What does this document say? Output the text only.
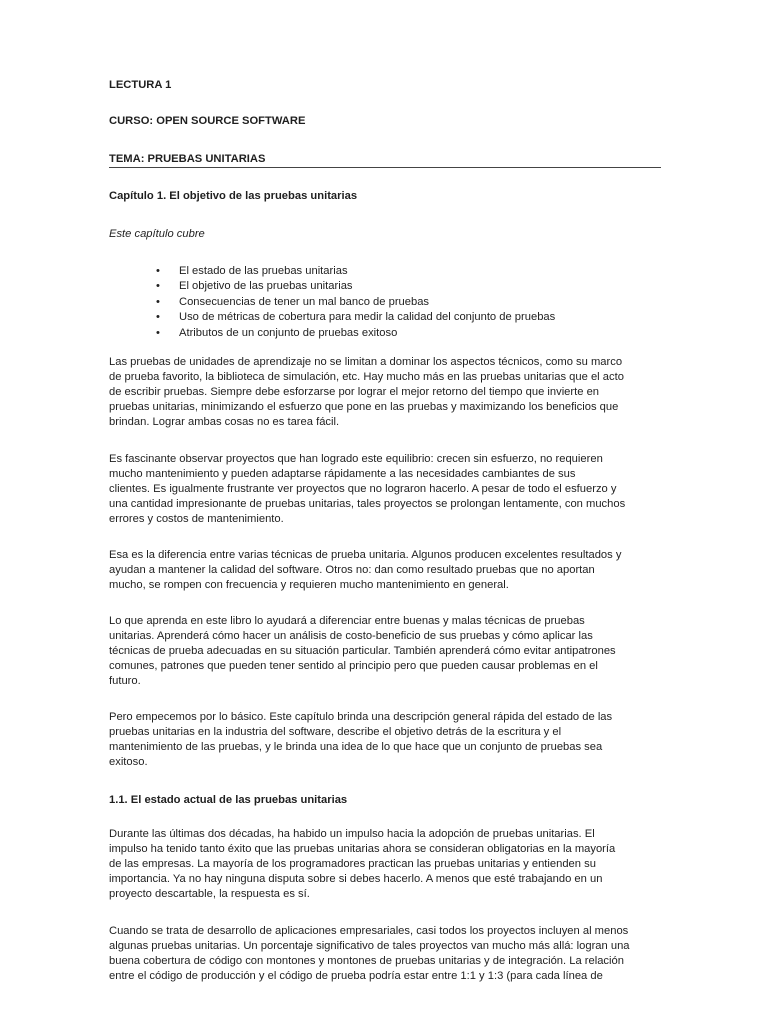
LECTURA 1
CURSO: OPEN SOURCE SOFTWARE
TEMA: PRUEBAS UNITARIAS
Capítulo 1. El objetivo de las pruebas unitarias
Este capítulo cubre
• El estado de las pruebas unitarias
• El objetivo de las pruebas unitarias
• Consecuencias de tener un mal banco de pruebas
• Uso de métricas de cobertura para medir la calidad del conjunto de pruebas
• Atributos de un conjunto de pruebas exitoso
Las pruebas de unidades de aprendizaje no se limitan a dominar los aspectos técnicos, como su marco
de prueba favorito, la biblioteca de simulación, etc. Hay mucho más en las pruebas unitarias que el acto
de escribir pruebas. Siempre debe esforzarse por lograr el mejor retorno del tiempo que invierte en
pruebas unitarias, minimizando el esfuerzo que pone en las pruebas y maximizando los beneficios que
brindan. Lograr ambas cosas no es tarea fácil.
Es fascinante observar proyectos que han logrado este equilibrio: crecen sin esfuerzo, no requieren
mucho mantenimiento y pueden adaptarse rápidamente a las necesidades cambiantes de sus
clientes. Es igualmente frustrante ver proyectos que no lograron hacerlo. A pesar de todo el esfuerzo y
una cantidad impresionante de pruebas unitarias, tales proyectos se prolongan lentamente, con muchos
errores y costos de mantenimiento.
Esa es la diferencia entre varias técnicas de prueba unitaria. Algunos producen excelentes resultados y
ayudan a mantener la calidad del software. Otros no: dan como resultado pruebas que no aportan
mucho, se rompen con frecuencia y requieren mucho mantenimiento en general.
Lo que aprenda en este libro lo ayudará a diferenciar entre buenas y malas técnicas de pruebas
unitarias. Aprenderá cómo hacer un análisis de costo-beneficio de sus pruebas y cómo aplicar las
técnicas de prueba adecuadas en su situación particular. También aprenderá cómo evitar antipatrones
comunes, patrones que pueden tener sentido al principio pero que pueden causar problemas en el
futuro.
Pero empecemos por lo básico. Este capítulo brinda una descripción general rápida del estado de las
pruebas unitarias en la industria del software, describe el objetivo detrás de la escritura y el
mantenimiento de las pruebas, y le brinda una idea de lo que hace que un conjunto de pruebas sea
exitoso.
1.1. El estado actual de las pruebas unitarias
Durante las últimas dos décadas, ha habido un impulso hacia la adopción de pruebas unitarias. El
impulso ha tenido tanto éxito que las pruebas unitarias ahora se consideran obligatorias en la mayoría
de las empresas. La mayoría de los programadores practican las pruebas unitarias y entienden su
importancia. Ya no hay ninguna disputa sobre si debes hacerlo. A menos que esté trabajando en un
proyecto descartable, la respuesta es sí.
Cuando se trata de desarrollo de aplicaciones empresariales, casi todos los proyectos incluyen al menos
algunas pruebas unitarias. Un porcentaje significativo de tales proyectos van mucho más allá: logran una
buena cobertura de código con montones y montones de pruebas unitarias y de integración. La relación
entre el código de producción y el código de prueba podría estar entre 1:1 y 1:3 (para cada línea de
